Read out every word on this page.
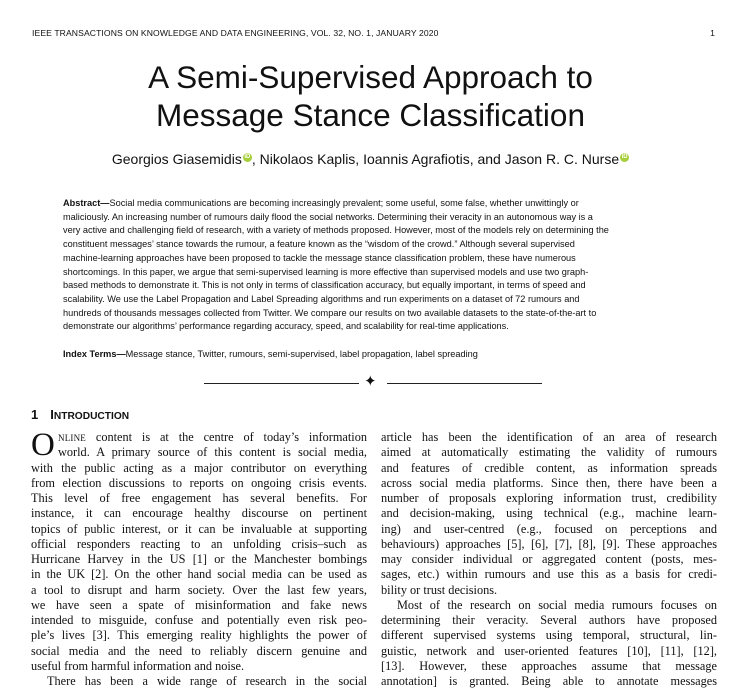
IEEE TRANSACTIONS ON KNOWLEDGE AND DATA ENGINEERING, VOL. 32, NO. 1, JANUARY 2020	1
A Semi-Supervised Approach to
Message Stance Classification
Georgios Giasemidis iD , Nikolaos Kaplis, Ioannis Agrafiotis, and Jason R. C. Nurse iD
Abstract—Social media communications are becoming increasingly prevalent; some useful, some false, whether unwittingly or
maliciously. An increasing number of rumours daily flood the social networks. Determining their veracity in an autonomous way is a
very active and challenging field of research, with a variety of methods proposed. However, most of the models rely on determining the
constituent messages’ stance towards the rumour, a feature known as the “wisdom of the crowd.” Although several supervised
machine-learning approaches have been proposed to tackle the message stance classification problem, these have numerous
shortcomings. In this paper, we argue that semi-supervised learning is more effective than supervised models and use two graph-
based methods to demonstrate it. This is not only in terms of classification accuracy, but equally important, in terms of speed and
scalability. We use the Label Propagation and Label Spreading algorithms and run experiments on a dataset of 72 rumours and
hundreds of thousands messages collected from Twitter. We compare our results on two available datasets to the state-of-the-art to
demonstrate our algorithms’ performance regarding accuracy, speed, and scalability for real-time applications.
Index Terms—Message stance, Twitter, rumours, semi-supervised, label propagation, label spreading
✦
1 INTRODUCTION
O NLINE content is at the centre of today’s information
world. A primary source of this content is social media,
with the public acting as a major contributor on everything
from election discussions to reports on ongoing crisis events.
This level of free engagement has several benefits. For
instance, it can encourage healthy discourse on pertinent
topics of public interest, or it can be invaluable at supporting
official responders reacting to an unfolding crisis–such as
Hurricane Harvey in the US [1] or the Manchester bombings
in the UK [2]. On the other hand social media can be used as
a tool to disrupt and harm society. Over the last few years,
we have seen a spate of misinformation and fake news
intended to misguide, confuse and potentially even risk peo-
ple’s lives [3]. This emerging reality highlights the power of
social media and the need to reliably discern genuine and
useful from harmful information and noise.
There has been a wide range of research in the social
article has been the identification of an area of research
aimed at automatically estimating the validity of rumours
and features of credible content, as information spreads
across social media platforms. Since then, there have been a
number of proposals exploring information trust, credibility
and decision-making, using technical (e.g., machine learn-
ing) and user-centred (e.g., focused on perceptions and
behaviours) approaches [5], [6], [7], [8], [9]. These approaches
may consider individual or aggregated content (posts, mes-
sages, etc.) within rumours and use this as a basis for credi-
bility or trust decisions.
Most of the research on social media rumours focuses on
determining their veracity. Several authors have proposed
different supervised systems using temporal, structural, lin-
guistic, network and user-oriented features [10], [11], [12],
[13]. However, these approaches assume that message
annotation] is granted. Being able to annotate messages
